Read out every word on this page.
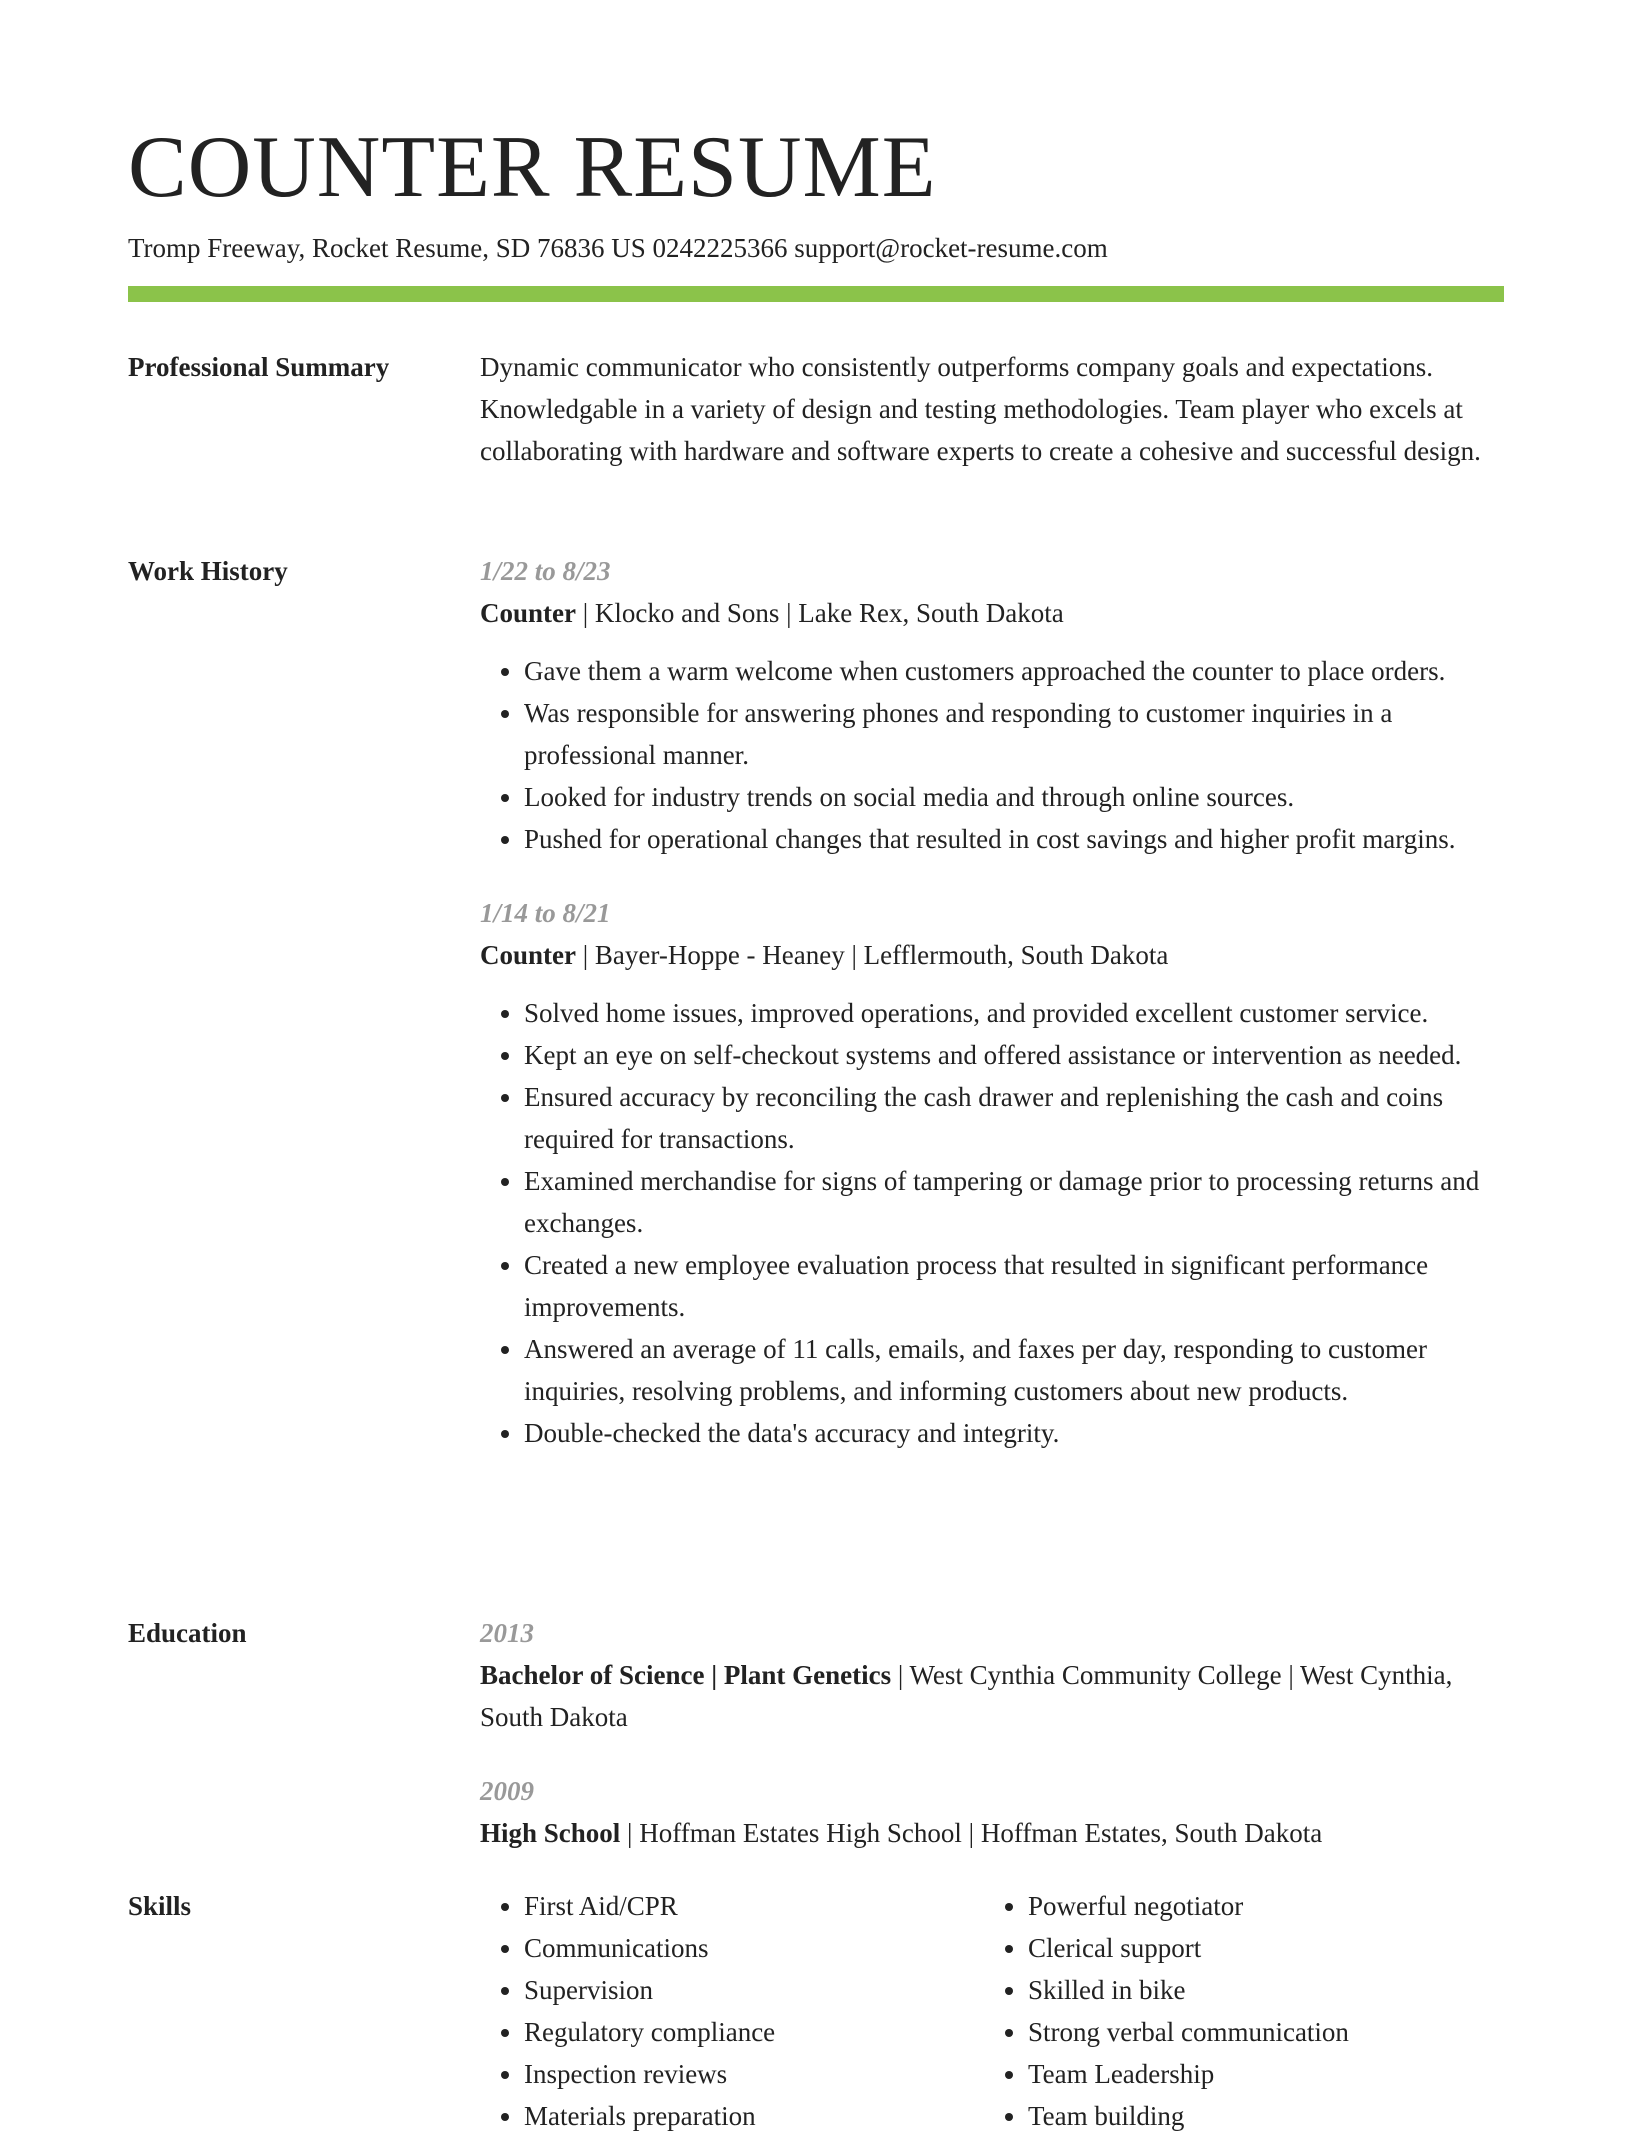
COUNTER RESUME
Tromp Freeway, Rocket Resume, SD 76836 US 0242225366 support@rocket-resume.com
Professional Summary	Dynamic communicator who consistently outperforms company goals and expectations. Knowledgable in a variety of design and testing methodologies. Team player who excels at collaborating with hardware and software experts to create a cohesive and successful design.

Work History	1/22 to 8/23

Counter | Klocko and Sons | Lake Rex, South Dakota

• Gave them a warm welcome when customers approached the counter to place orders.
• Was responsible for answering phones and responding to customer inquiries in a professional manner.
• Looked for industry trends on social media and through online sources.
• Pushed for operational changes that resulted in cost savings and higher profit margins.
1/14 to 8/21

Counter | Bayer-Hoppe - Heaney | Lefflermouth, South Dakota

• Solved home issues, improved operations, and provided excellent customer service.
• Kept an eye on self-checkout systems and offered assistance or intervention as needed.
• Ensured accuracy by reconciling the cash drawer and replenishing the cash and coins required for transactions.
• Examined merchandise for signs of tampering or damage prior to processing returns and exchanges.
• Created a new employee evaluation process that resulted in significant performance improvements.
• Answered an average of 11 calls, emails, and faxes per day, responding to customer inquiries, resolving problems, and informing customers about new products.
• Double-checked the data's accuracy and integrity.
Education	2013

Bachelor of Science | Plant Genetics | West Cynthia Community College | West Cynthia, South Dakota

2009

High School | Hoffman Estates High School | Hoffman Estates, South Dakota

Skills
•	First Aid/CPR
• Communications
• Supervision
• Regulatory compliance
• Inspection reviews
• Materials preparation
• Powerful negotiator
• Clerical support
• Skilled in bike
• Strong verbal communication
• Team Leadership
• Team building
